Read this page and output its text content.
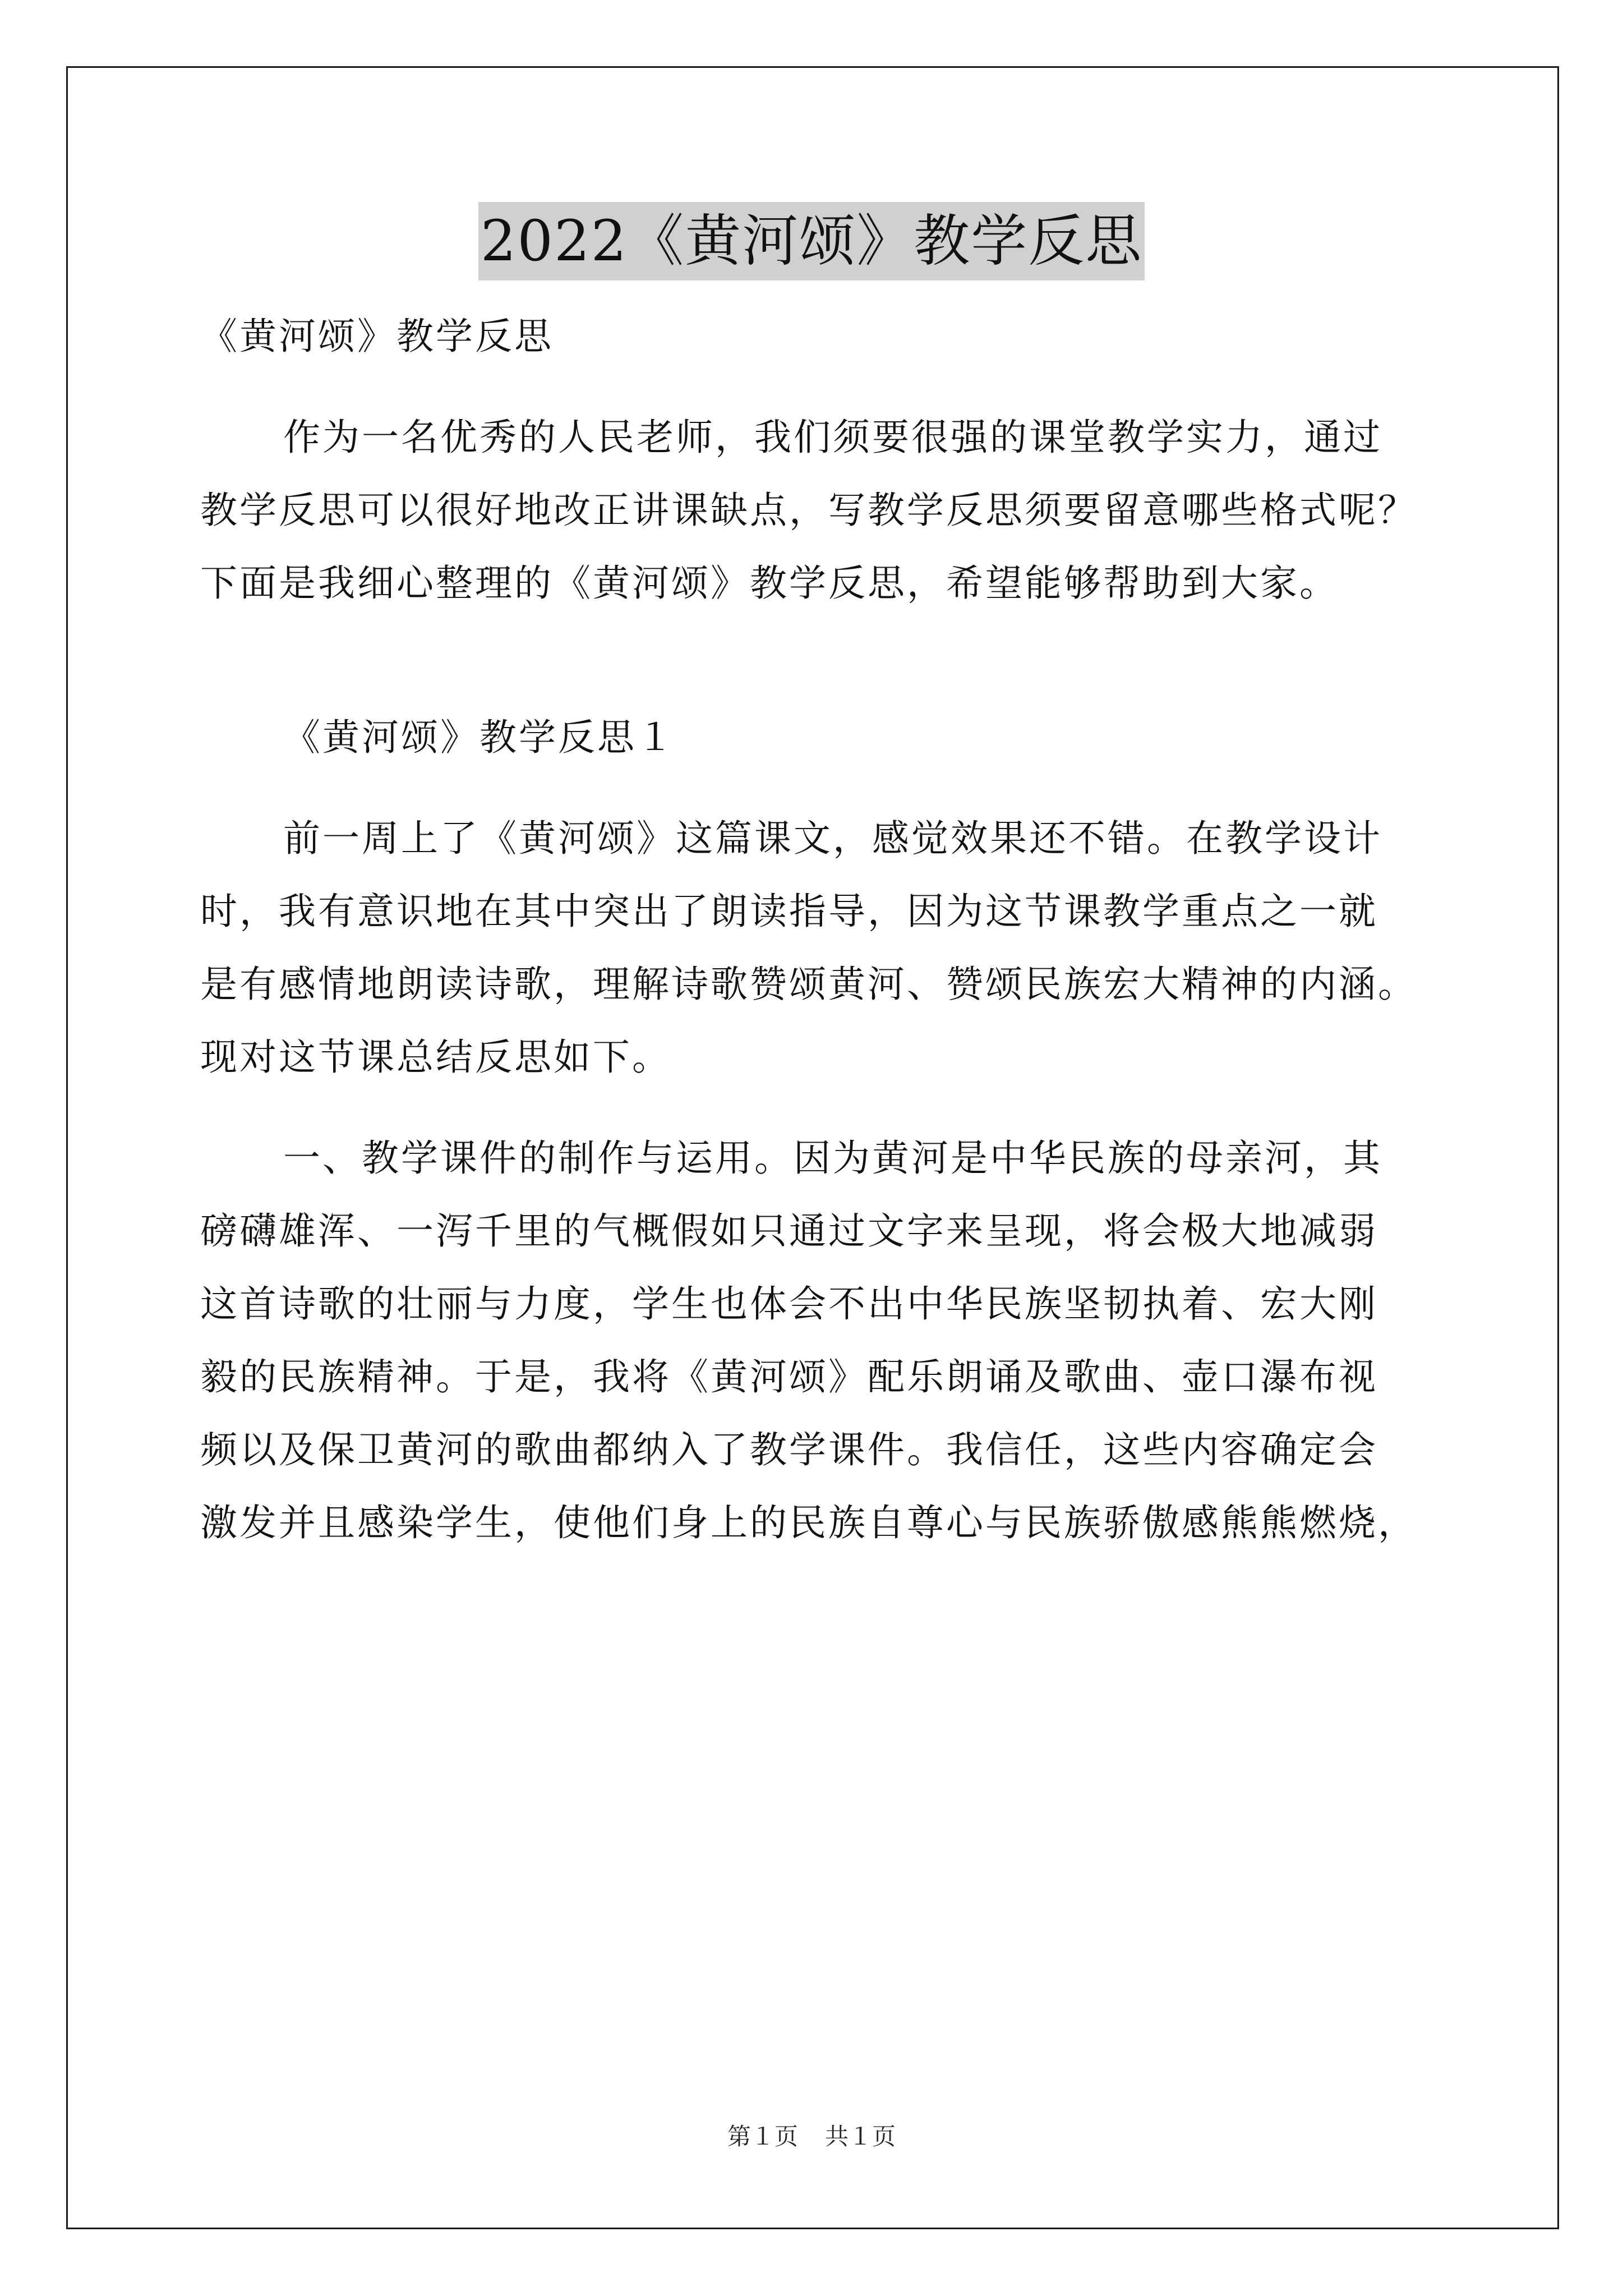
2022《黄河颂》教学反思
《黄河颂》教学反思
作为一名优秀的人民老师，我们须要很强的课堂教学实力，通过
教学反思可以很好地改正讲课缺点，写教学反思须要留意哪些格式呢？
下面是我细心整理的《黄河颂》教学反思，希望能够帮助到大家。
《黄河颂》教学反思１
前一周上了《黄河颂》这篇课文，感觉效果还不错。在教学设计
时，我有意识地在其中突出了朗读指导，因为这节课教学重点之一就
是有感情地朗读诗歌，理解诗歌赞颂黄河、赞颂民族宏大精神的内涵。
现对这节课总结反思如下。
一、教学课件的制作与运用。因为黄河是中华民族的母亲河，其
磅礴雄浑、一泻千里的气概假如只通过文字来呈现，将会极大地减弱
这首诗歌的壮丽与力度，学生也体会不出中华民族坚韧执着、宏大刚
毅的民族精神。于是，我将《黄河颂》配乐朗诵及歌曲、壶口瀑布视
频以及保卫黄河的歌曲都纳入了教学课件。我信任，这些内容确定会
激发并且感染学生，使他们身上的民族自尊心与民族骄傲感熊熊燃烧，
第１页 共１页
